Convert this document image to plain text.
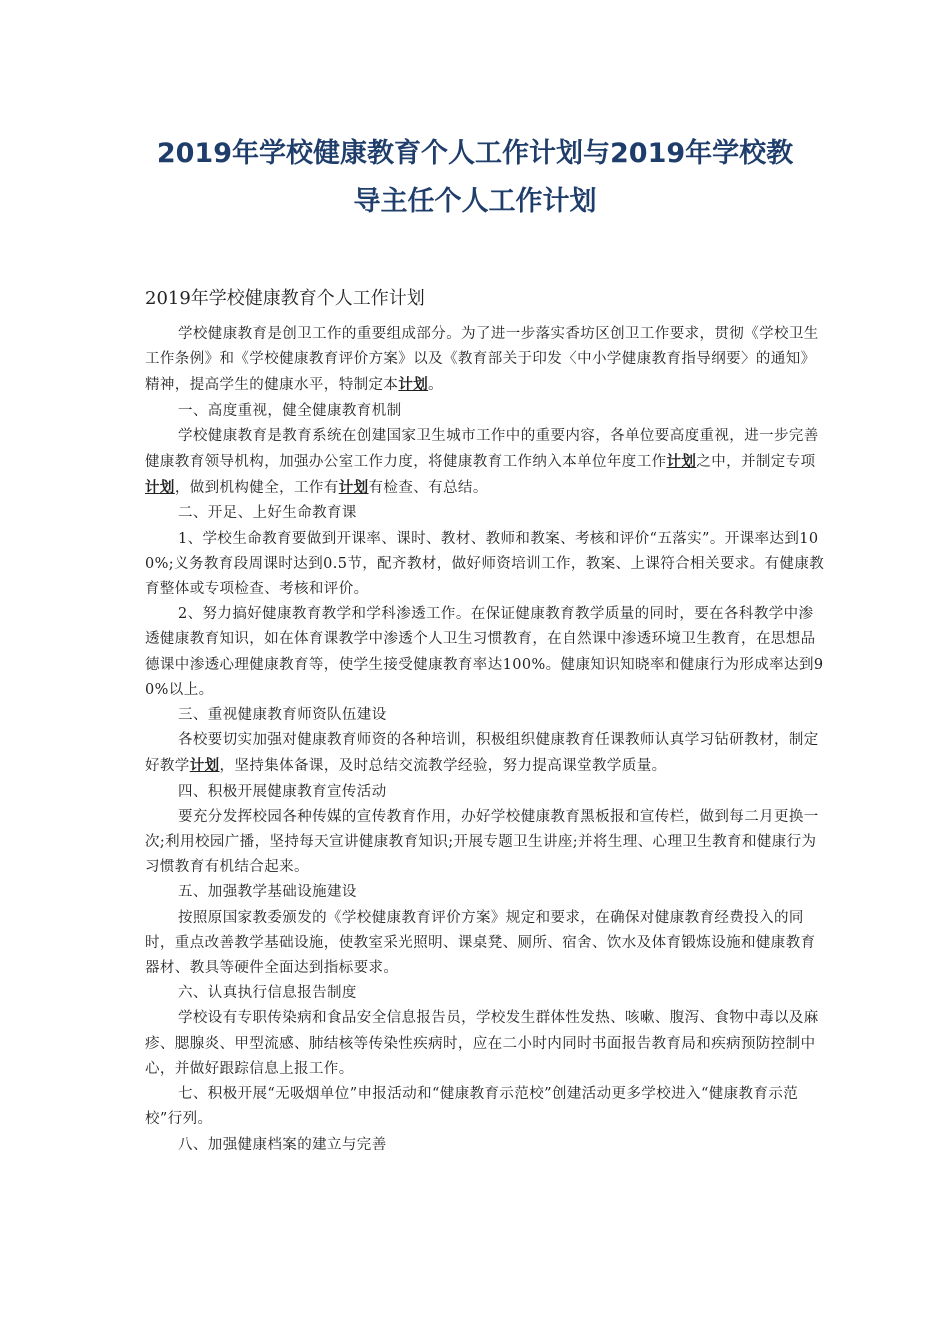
2019年学校健康教育个人工作计划与2019年学校教
导主任个人工作计划
2019年学校健康教育个人工作计划

学校健康教育是创卫工作的重要组成部分。为了进一步落实香坊区创卫工作要求，贯彻《学校卫生工作条例》和《学校健康教育评价方案》以及《教育部关于印发〈中小学健康教育指导纲要〉的通知》精神，提高学生的健康水平，特制定本计划。

一、高度重视，健全健康教育机制

学校健康教育是教育系统在创建国家卫生城市工作中的重要内容，各单位要高度重视，进一步完善健康教育领导机构，加强办公室工作力度，将健康教育工作纳入本单位年度工作计划之中，并制定专项计划，做到机构健全，工作有计划有检查、有总结。

二、开足、上好生命教育课

1、学校生命教育要做到开课率、课时、教材、教师和教案、考核和评价“五落实”。开课率达到100%;义务教育段周课时达到0.5节，配齐教材，做好师资培训工作，教案、上课符合相关要求。有健康教育整体或专项检查、考核和评价。

2、努力搞好健康教育教学和学科渗透工作。在保证健康教育教学质量的同时，要在各科教学中渗透健康教育知识，如在体育课教学中渗透个人卫生习惯教育，在自然课中渗透环境卫生教育，在思想品德课中渗透心理健康教育等，使学生接受健康教育率达100%。健康知识知晓率和健康行为形成率达到90%以上。

三、重视健康教育师资队伍建设

各校要切实加强对健康教育师资的各种培训，积极组织健康教育任课教师认真学习钻研教材，制定好教学计划，坚持集体备课，及时总结交流教学经验，努力提高课堂教学质量。

四、积极开展健康教育宣传活动

要充分发挥校园各种传媒的宣传教育作用，办好学校健康教育黑板报和宣传栏，做到每二月更换一次;利用校园广播，坚持每天宣讲健康教育知识;开展专题卫生讲座;并将生理、心理卫生教育和健康行为习惯教育有机结合起来。

五、加强教学基础设施建设

按照原国家教委颁发的《学校健康教育评价方案》规定和要求，在确保对健康教育经费投入的同时，重点改善教学基础设施，使教室采光照明、课桌凳、厕所、宿舍、饮水及体育锻炼设施和健康教育器材、教具等硬件全面达到指标要求。

六、认真执行信息报告制度

学校设有专职传染病和食品安全信息报告员，学校发生群体性发热、咳嗽、腹泻、食物中毒以及麻疹、腮腺炎、甲型流感、肺结核等传染性疾病时，应在二小时内同时书面报告教育局和疾病预防控制中心，并做好跟踪信息上报工作。

七、积极开展“无吸烟单位”申报活动和“健康教育示范校”创建活动更多学校进入“健康教育示范校”行列。

八、加强健康档案的建立与完善
